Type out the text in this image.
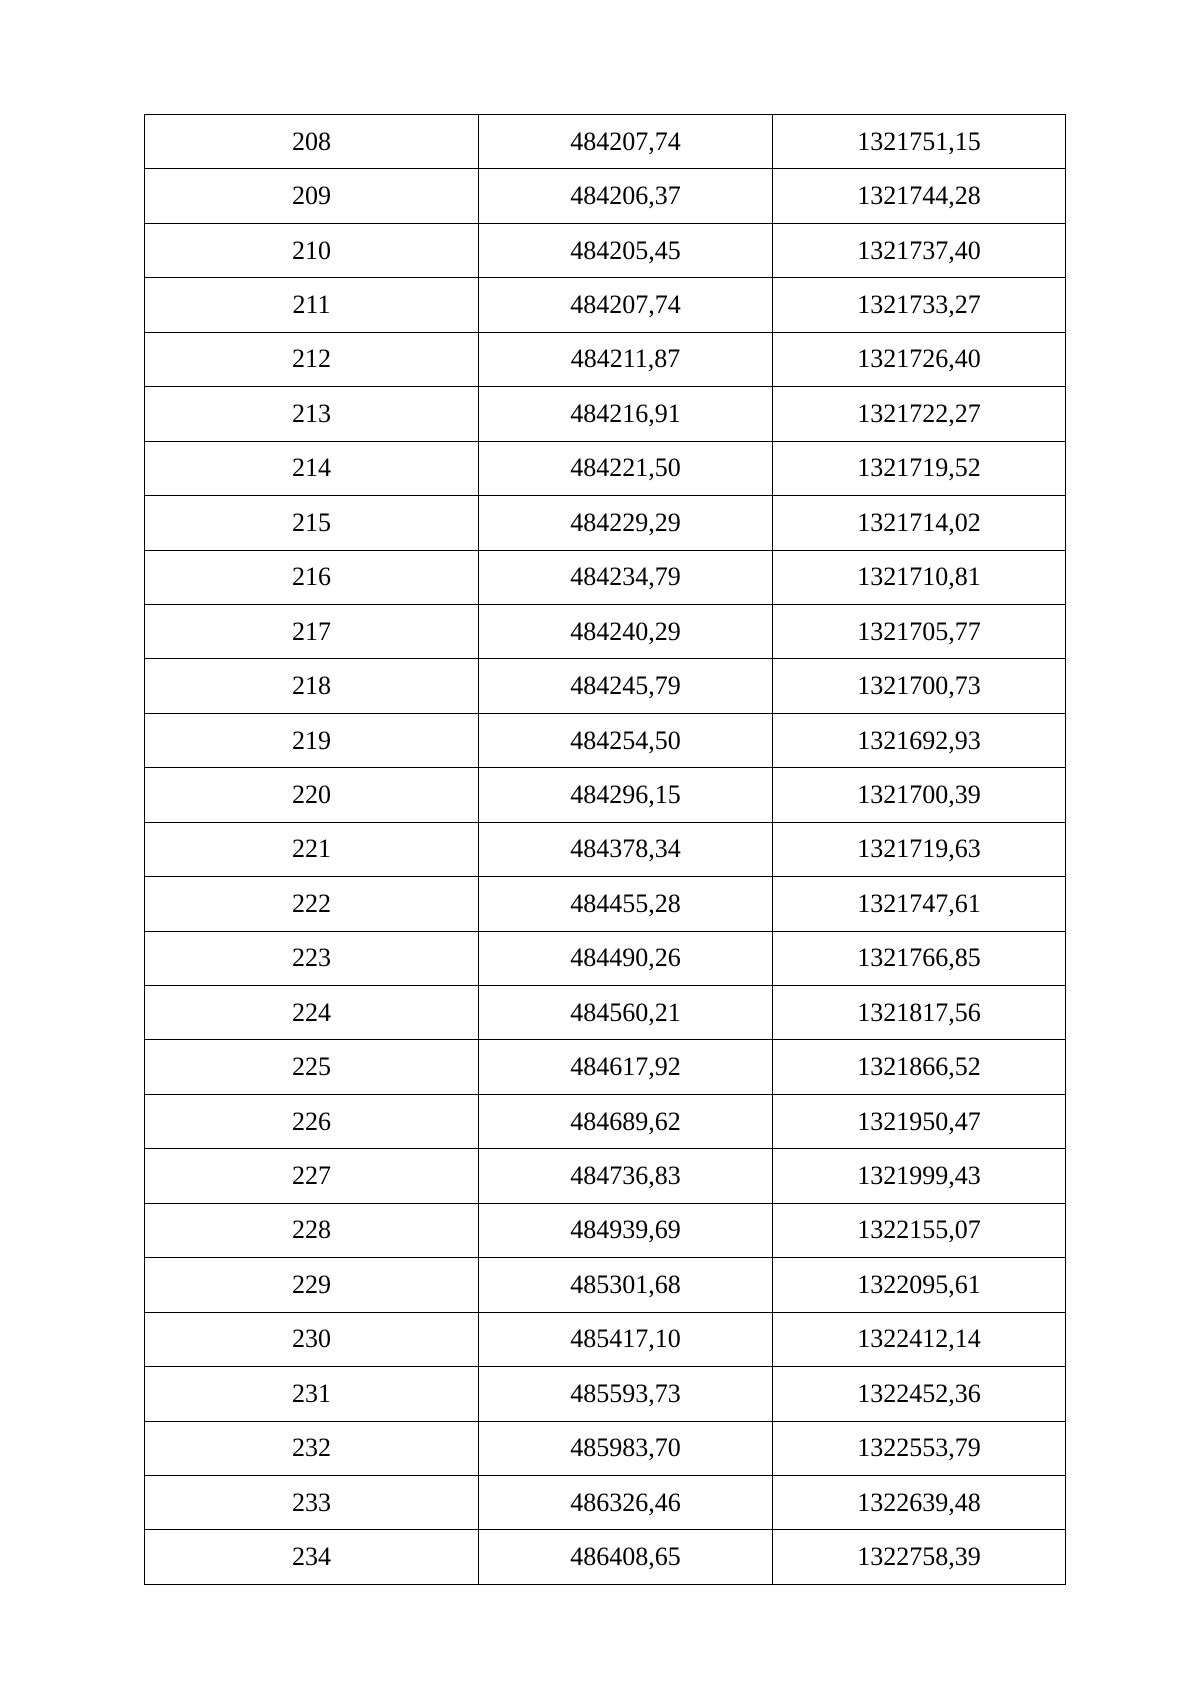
208	484207,74	1321751,15
209	484206,37	1321744,28
210	484205,45	1321737,40
211	484207,74	1321733,27
212	484211,87	1321726,40
213	484216,91	1321722,27
214	484221,50	1321719,52
215	484229,29	1321714,02
216	484234,79	1321710,81
217	484240,29	1321705,77
218	484245,79	1321700,73
219	484254,50	1321692,93
220	484296,15	1321700,39
221	484378,34	1321719,63
222	484455,28	1321747,61
223	484490,26	1321766,85
224	484560,21	1321817,56
225	484617,92	1321866,52
226	484689,62	1321950,47
227	484736,83	1321999,43
228	484939,69	1322155,07
229	485301,68	1322095,61
230	485417,10	1322412,14
231	485593,73	1322452,36
232	485983,70	1322553,79
233	486326,46	1322639,48
234	486408,65	1322758,39
